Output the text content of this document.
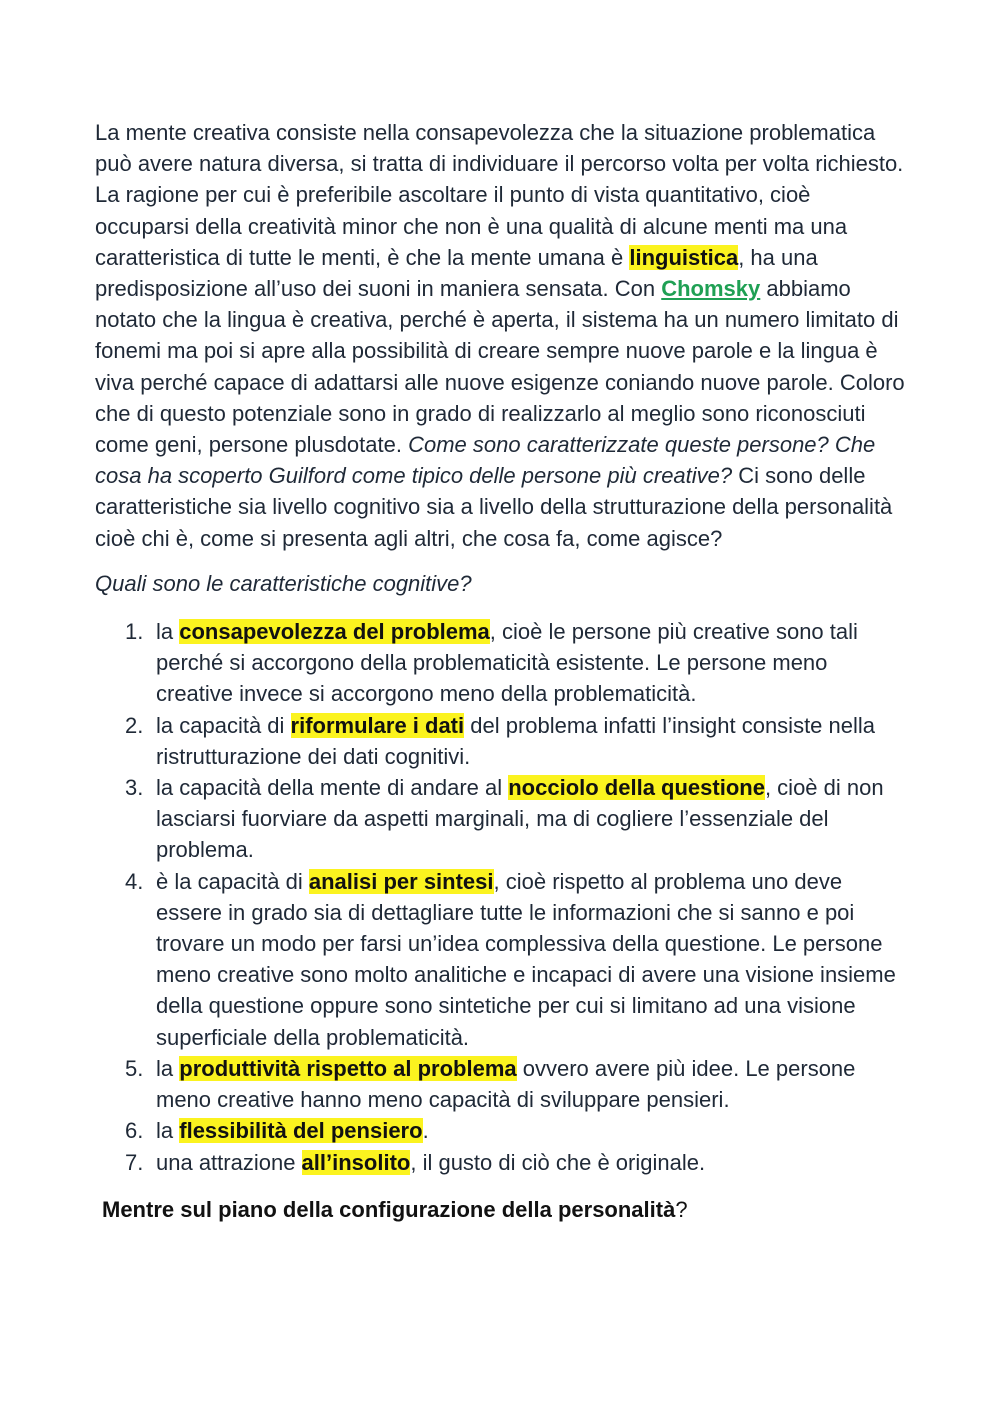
La mente creativa consiste nella consapevolezza che la situazione problematica può avere natura diversa, si tratta di individuare il percorso volta per volta richiesto. La ragione per cui è preferibile ascoltare il punto di vista quantitativo, cioè occuparsi della creatività minor che non è una qualità di alcune menti ma una caratteristica di tutte le menti, è che la mente umana è linguistica, ha una predisposizione all’uso dei suoni in maniera sensata. Con Chomsky abbiamo notato che la lingua è creativa, perché è aperta, il sistema ha un numero limitato di fonemi ma poi si apre alla possibilità di creare sempre nuove parole e la lingua è viva perché capace di adattarsi alle nuove esigenze coniando nuove parole. Coloro che di questo potenziale sono in grado di realizzarlo al meglio sono riconosciuti come geni, persone plusdotate. Come sono caratterizzate queste persone? Che cosa ha scoperto Guilford come tipico delle persone più creative? Ci sono delle caratteristiche sia livello cognitivo sia a livello della strutturazione della personalità cioè chi è, come si presenta agli altri, che cosa fa, come agisce?

Quali sono le caratteristiche cognitive?

1. la consapevolezza del problema, cioè le persone più creative sono tali perché si accorgono della problematicità esistente. Le persone meno creative invece si accorgono meno della problematicità.
2. la capacità di riformulare i dati del problema infatti l’insight consiste nella ristrutturazione dei dati cognitivi.
3. la capacità della mente di andare al nocciolo della questione, cioè di non lasciarsi fuorviare da aspetti marginali, ma di cogliere l’essenziale del problema.
4. è la capacità di analisi per sintesi, cioè rispetto al problema uno deve essere in grado sia di dettagliare tutte le informazioni che si sanno e poi trovare un modo per farsi un’idea complessiva della questione. Le persone meno creative sono molto analitiche e incapaci di avere una visione insieme della questione oppure sono sintetiche per cui si limitano ad una visione superficiale della problematicità.
5. la produttività rispetto al problema ovvero avere più idee. Le persone meno creative hanno meno capacità di sviluppare pensieri.
6. la flessibilità del pensiero.
7. una attrazione all’insolito, il gusto di ciò che è originale.

Mentre sul piano della configurazione della personalità?
